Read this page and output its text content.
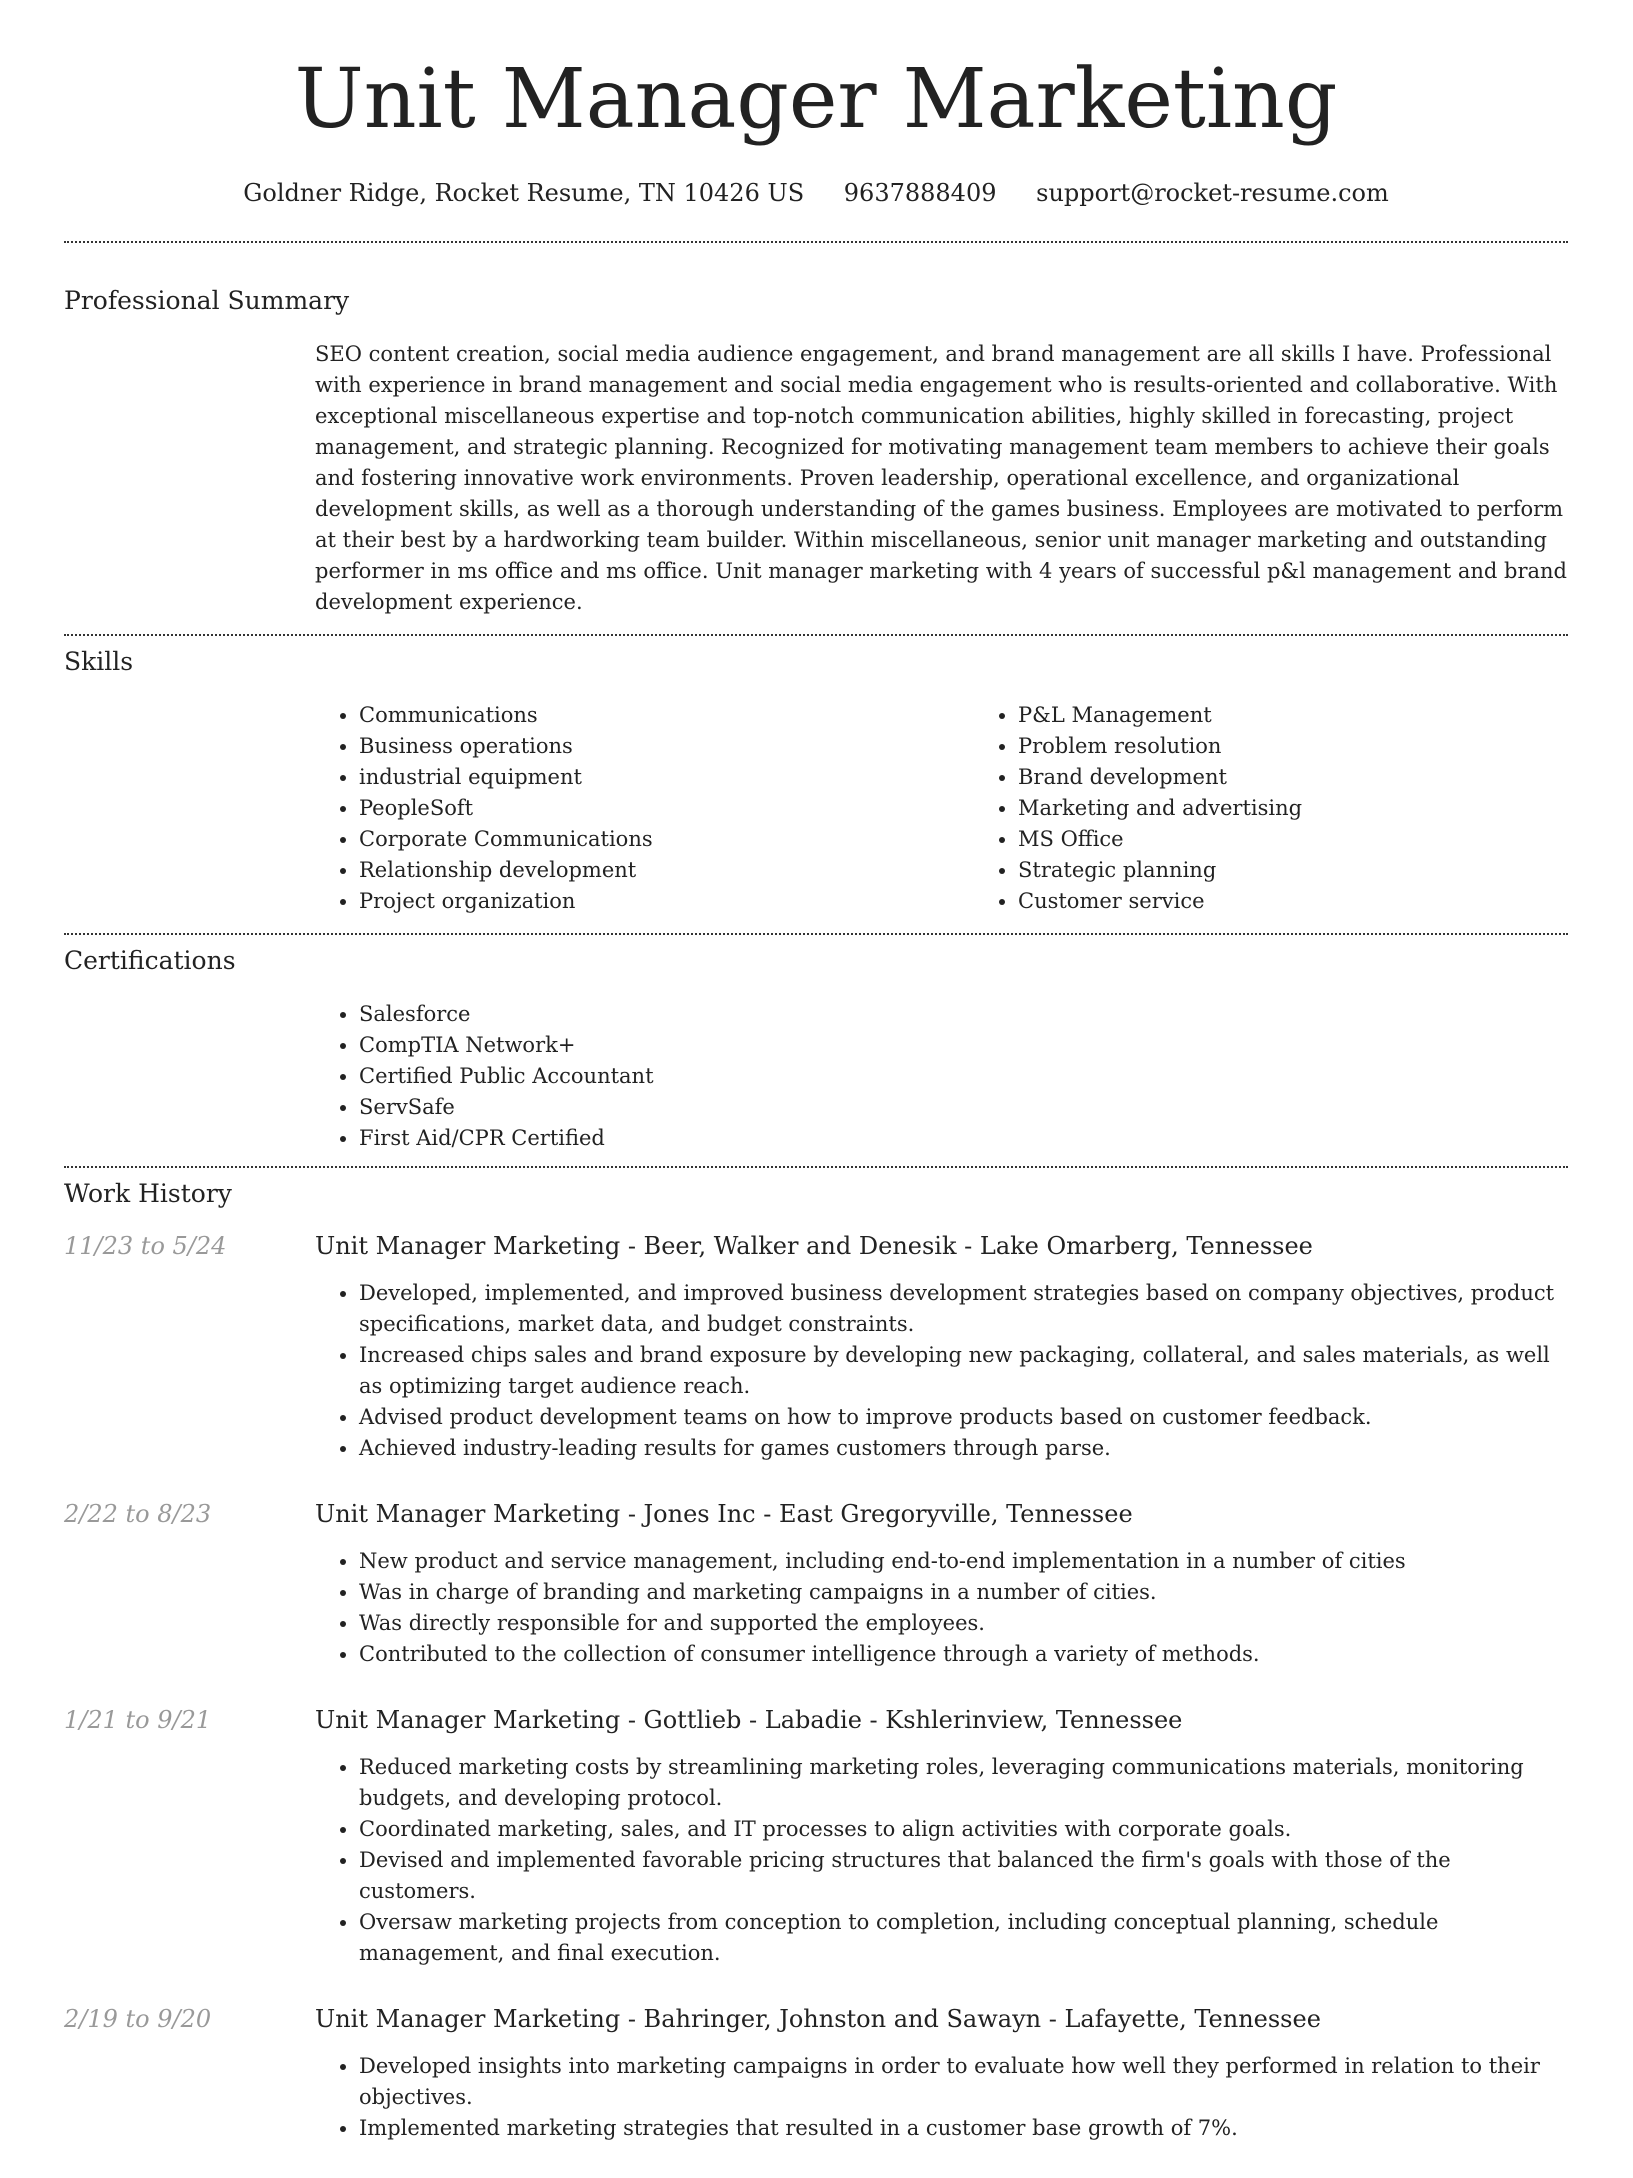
Unit Manager Marketing
Goldner Ridge, Rocket Resume, TN 10426 US 9637888409 support@rocket-resume.com
Professional Summary

SEO content creation, social media audience engagement, and brand management are all skills I have. Professional with experience in brand management and social media engagement who is results-oriented and collaborative. With exceptional miscellaneous expertise and top-notch communication abilities, highly skilled in forecasting, project management, and strategic planning. Recognized for motivating management team members to achieve their goals and fostering innovative work environments. Proven leadership, operational excellence, and organizational development skills, as well as a thorough understanding of the games business. Employees are motivated to perform at their best by a hardworking team builder. Within miscellaneous, senior unit manager marketing and outstanding performer in ms office and ms office. Unit manager marketing with 4 years of successful p&l management and brand development experience.

Skills
• Communications
• Business operations
• industrial equipment
• PeopleSoft
• Corporate Communications
• Relationship development
• Project organization
• P&L Management
• Problem resolution
• Brand development
• Marketing and advertising
• MS Office
• Strategic planning
• Customer service
Certifications
• Salesforce
• CompTIA Network+
• Certified Public Accountant
• ServSafe
• First Aid/CPR Certified
Work History
11/23 to 5/24	Unit Manager Marketing - Beer, Walker and Denesik - Lake Omarberg, Tennessee
• Developed, implemented, and improved business development strategies based on company objectives, product specifications, market data, and budget constraints.
• Increased chips sales and brand exposure by developing new packaging, collateral, and sales materials, as well as optimizing target audience reach.
• Advised product development teams on how to improve products based on customer feedback.
• Achieved industry-leading results for games customers through parse.
2/22 to 8/23	Unit Manager Marketing - Jones Inc - East Gregoryville, Tennessee
• New product and service management, including end-to-end implementation in a number of cities
• Was in charge of branding and marketing campaigns in a number of cities.
• Was directly responsible for and supported the employees.
• Contributed to the collection of consumer intelligence through a variety of methods.
1/21 to 9/21	Unit Manager Marketing - Gottlieb - Labadie - Kshlerinview, Tennessee
• Reduced marketing costs by streamlining marketing roles, leveraging communications materials, monitoring budgets, and developing protocol.
• Coordinated marketing, sales, and IT processes to align activities with corporate goals.
• Devised and implemented favorable pricing structures that balanced the firm's goals with those of the customers.
• Oversaw marketing projects from conception to completion, including conceptual planning, schedule management, and final execution.
2/19 to 9/20	Unit Manager Marketing - Bahringer, Johnston and Sawayn - Lafayette, Tennessee
• Developed insights into marketing campaigns in order to evaluate how well they performed in relation to their objectives.
• Implemented marketing strategies that resulted in a customer base growth of 7%.
